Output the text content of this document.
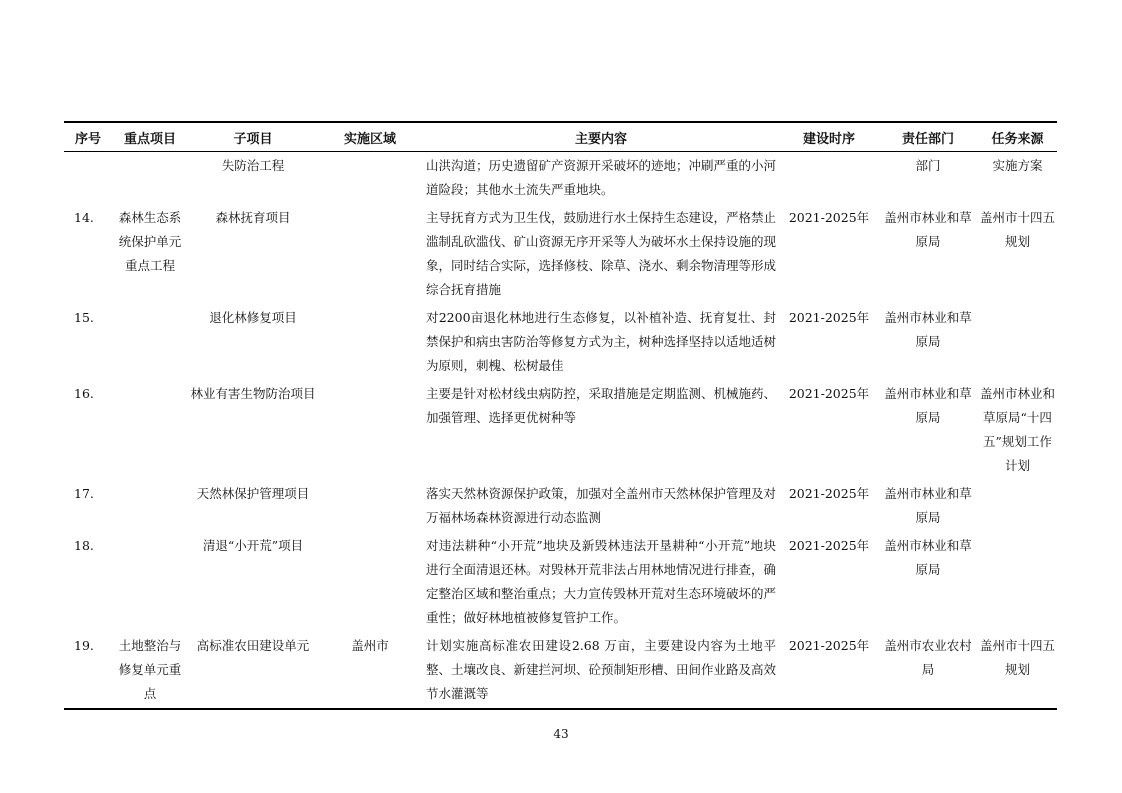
序号	重点项目	子项目	实施区域	主要内容	建设时序	责任部门	任务来源
		失防治工程		山洪沟道；历史遗留矿产资源开采破坏的迹地；冲刷严重的小河道险段；其他水土流失严重地块。		部门	实施方案
14.	森林生态系统保护单元重点工程	森林抚育项目		主导抚育方式为卫生伐，鼓励进行水土保持生态建设，严格禁止滥制乱砍滥伐、矿山资源无序开采等人为破坏水土保持设施的现象，同时结合实际，选择修枝、除草、浇水、剩余物清理等形成综合抚育措施	2021-2025年	盖州市林业和草原局	盖州市十四五规划
15.		退化林修复项目		对2200亩退化林地进行生态修复，以补植补造、抚育复壮、封禁保护和病虫害防治等修复方式为主，树种选择坚持以适地适树为原则，刺槐、松树最佳	2021-2025年	盖州市林业和草原局	
16.		林业有害生物防治项目		主要是针对松材线虫病防控，采取措施是定期监测、机械施药、加强管理、选择更优树种等	2021-2025年	盖州市林业和草原局	盖州市林业和草原局“十四五”规划工作计划
17.		天然林保护管理项目		落实天然林资源保护政策，加强对全盖州市天然林保护管理及对万福林场森林资源进行动态监测	2021-2025年	盖州市林业和草原局	
18.		清退“小开荒”项目		对违法耕种“小开荒”地块及新毁林违法开垦耕种“小开荒”地块进行全面清退还林。对毁林开荒非法占用林地情况进行排查，确定整治区域和整治重点；大力宣传毁林开荒对生态环境破坏的严重性；做好林地植被修复管护工作。	2021-2025年	盖州市林业和草原局	
19.	土地整治与修复单元重点	高标准农田建设单元	盖州市	计划实施高标准农田建设2.68 万亩，主要建设内容为土地平整、土壤改良、新建拦河坝、砼预制矩形槽、田间作业路及高效节水灌溉等	2021-2025年	盖州市农业农村局	盖州市十四五规划
43
